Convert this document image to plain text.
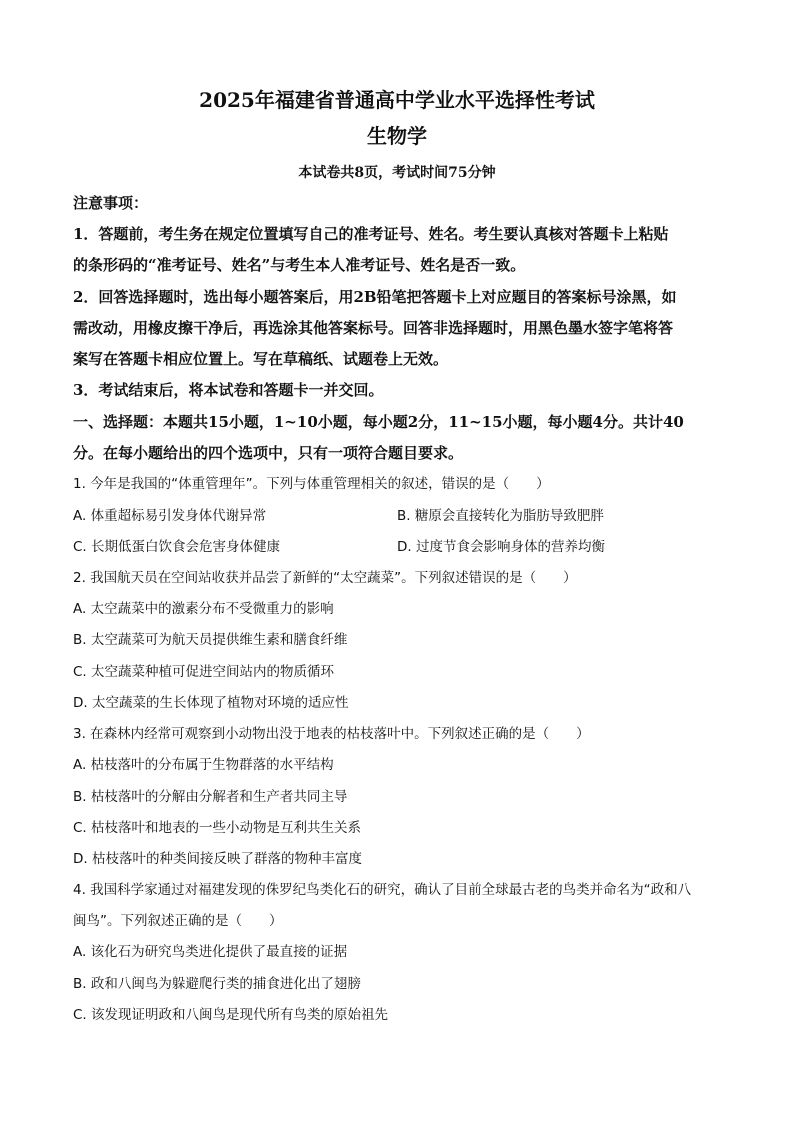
2025年福建省普通高中学业水平选择性考试
生物学
本试卷共8页，考试时间75分钟
注意事项：
1．答题前，考生务在规定位置填写自己的准考证号、姓名。考生要认真核对答题卡上粘贴
的条形码的“准考证号、姓名”与考生本人准考证号、姓名是否一致。
2．回答选择题时，选出每小题答案后，用2B铅笔把答题卡上对应题目的答案标号涂黑，如
需改动，用橡皮擦干净后，再选涂其他答案标号。回答非选择题时，用黑色墨水签字笔将答
案写在答题卡相应位置上。写在草稿纸、试题卷上无效。
3．考试结束后，将本试卷和答题卡一并交回。
一、选择题：本题共15小题，1~10小题，每小题2分，11~15小题，每小题4分。共计40
分。在每小题给出的四个选项中，只有一项符合题目要求。
1. 今年是我国的“体重管理年”。下列与体重管理相关的叙述，错误的是（　　）
A. 体重超标易引发身体代谢异常	B. 糖原会直接转化为脂肪导致肥胖
C. 长期低蛋白饮食会危害身体健康	D. 过度节食会影响身体的营养均衡
2. 我国航天员在空间站收获并品尝了新鲜的“太空蔬菜”。下列叙述错误的是（　　）
A. 太空蔬菜中的激素分布不受微重力的影响
B. 太空蔬菜可为航天员提供维生素和膳食纤维
C. 太空蔬菜种植可促进空间站内的物质循环
D. 太空蔬菜的生长体现了植物对环境的适应性
3. 在森林内经常可观察到小动物出没于地表的枯枝落叶中。下列叙述正确的是（　　）
A. 枯枝落叶的分布属于生物群落的水平结构
B. 枯枝落叶的分解由分解者和生产者共同主导
C. 枯枝落叶和地表的一些小动物是互利共生关系
D. 枯枝落叶的种类间接反映了群落的物种丰富度
4. 我国科学家通过对福建发现的侏罗纪鸟类化石的研究，确认了目前全球最古老的鸟类并命名为“政和八
闽鸟”。下列叙述正确的是（　　）
A. 该化石为研究鸟类进化提供了最直接的证据
B. 政和八闽鸟为躲避爬行类的捕食进化出了翅膀
C. 该发现证明政和八闽鸟是现代所有鸟类的原始祖先
